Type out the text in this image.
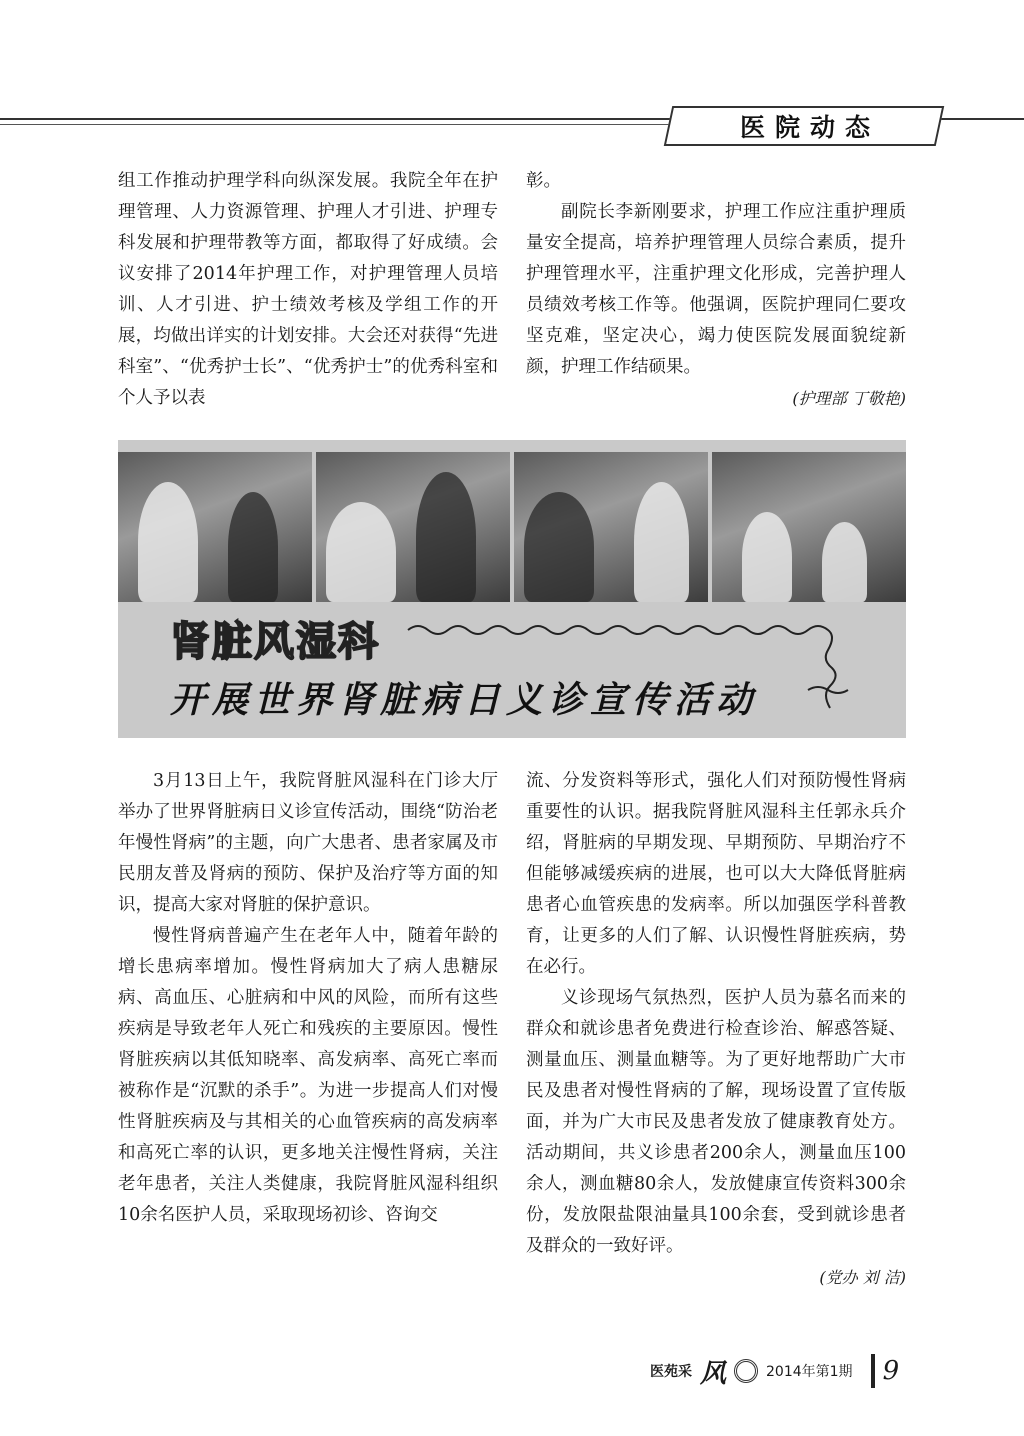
医院动态

组工作推动护理学科向纵深发展。我院全年在护理管理、人力资源管理、护理人才引进、护理专科发展和护理带教等方面，都取得了好成绩。会议安排了2014年护理工作，对护理管理人员培训、人才引进、护士绩效考核及学组工作的开展，均做出详实的计划安排。大会还对获得“先进科室”、“优秀护士长”、“优秀护士”的优秀科室和个人予以表

彰。

副院长李新刚要求，护理工作应注重护理质量安全提高，培养护理管理人员综合素质，提升护理管理水平，注重护理文化形成，完善护理人员绩效考核工作等。他强调，医院护理同仁要攻坚克难，坚定决心，竭力使医院发展面貌绽新颜，护理工作结硕果。

(护理部 丁敬艳)

肾脏风湿科
开展世界肾脏病日义诊宣传活动

3月13日上午，我院肾脏风湿科在门诊大厅举办了世界肾脏病日义诊宣传活动，围绕“防治老年慢性肾病”的主题，向广大患者、患者家属及市民朋友普及肾病的预防、保护及治疗等方面的知识，提高大家对肾脏的保护意识。

慢性肾病普遍产生在老年人中，随着年龄的增长患病率增加。慢性肾病加大了病人患糖尿病、高血压、心脏病和中风的风险，而所有这些疾病是导致老年人死亡和残疾的主要原因。慢性肾脏疾病以其低知晓率、高发病率、高死亡率而被称作是“沉默的杀手”。为进一步提高人们对慢性肾脏疾病及与其相关的心血管疾病的高发病率和高死亡率的认识，更多地关注慢性肾病，关注老年患者，关注人类健康，我院肾脏风湿科组织10余名医护人员，采取现场初诊、咨询交

流、分发资料等形式，强化人们对预防慢性肾病重要性的认识。据我院肾脏风湿科主任郭永兵介绍，肾脏病的早期发现、早期预防、早期治疗不但能够减缓疾病的进展，也可以大大降低肾脏病患者心血管疾患的发病率。所以加强医学科普教育，让更多的人们了解、认识慢性肾脏疾病，势在必行。

义诊现场气氛热烈，医护人员为慕名而来的群众和就诊患者免费进行检查诊治、解惑答疑、测量血压、测量血糖等。为了更好地帮助广大市民及患者对慢性肾病的了解，现场设置了宣传版面，并为广大市民及患者发放了健康教育处方。活动期间，共义诊患者200余人，测量血压100余人，测血糖80余人，发放健康宣传资料300余份，发放限盐限油量具100余套，受到就诊患者及群众的一致好评。

(党办 刘 洁)

医苑采 风	2014年第1期 9
